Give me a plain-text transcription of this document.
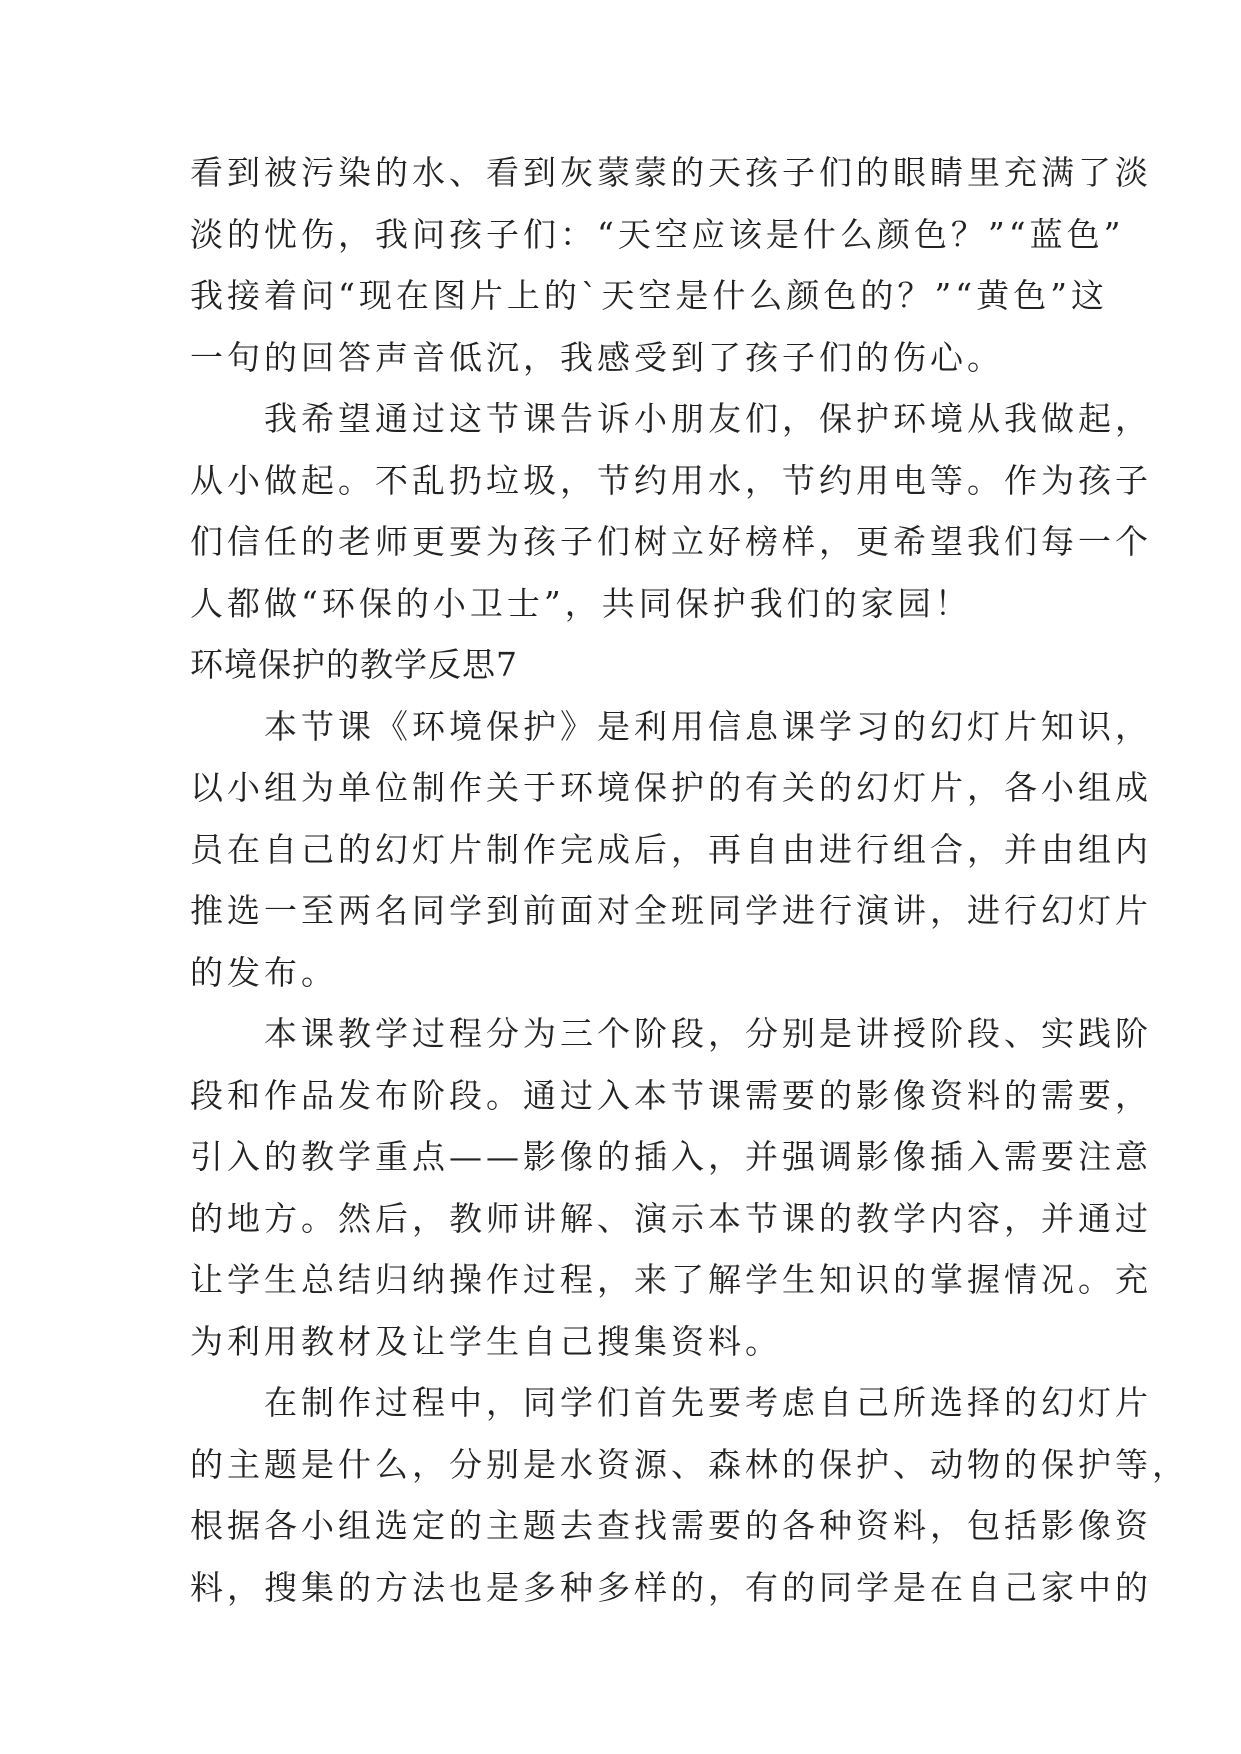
看到被污染的水、看到灰蒙蒙的天孩子们的眼睛里充满了淡
淡的忧伤，我问孩子们：“天空应该是什么颜色？”“蓝色”
我接着问“现在图片上的`天空是什么颜色的？”“黄色”这
一句的回答声音低沉，我感受到了孩子们的伤心。
　　我希望通过这节课告诉小朋友们，保护环境从我做起，
从小做起。不乱扔垃圾，节约用水，节约用电等。作为孩子
们信任的老师更要为孩子们树立好榜样，更希望我们每一个
人都做“环保的小卫士”，共同保护我们的家园！
环境保护的教学反思7
　　本节课《环境保护》是利用信息课学习的幻灯片知识，
以小组为单位制作关于环境保护的有关的幻灯片，各小组成
员在自己的幻灯片制作完成后，再自由进行组合，并由组内
推选一至两名同学到前面对全班同学进行演讲，进行幻灯片
的发布。
　　本课教学过程分为三个阶段，分别是讲授阶段、实践阶
段和作品发布阶段。通过入本节课需要的影像资料的需要，
引入的教学重点——影像的插入，并强调影像插入需要注意
的地方。然后，教师讲解、演示本节课的教学内容，并通过
让学生总结归纳操作过程，来了解学生知识的掌握情况。充
为利用教材及让学生自己搜集资料。
　　在制作过程中，同学们首先要考虑自己所选择的幻灯片
的主题是什么，分别是水资源、森林的保护、动物的保护等，
根据各小组选定的主题去查找需要的各种资料，包括影像资
料，搜集的方法也是多种多样的，有的同学是在自己家中的
